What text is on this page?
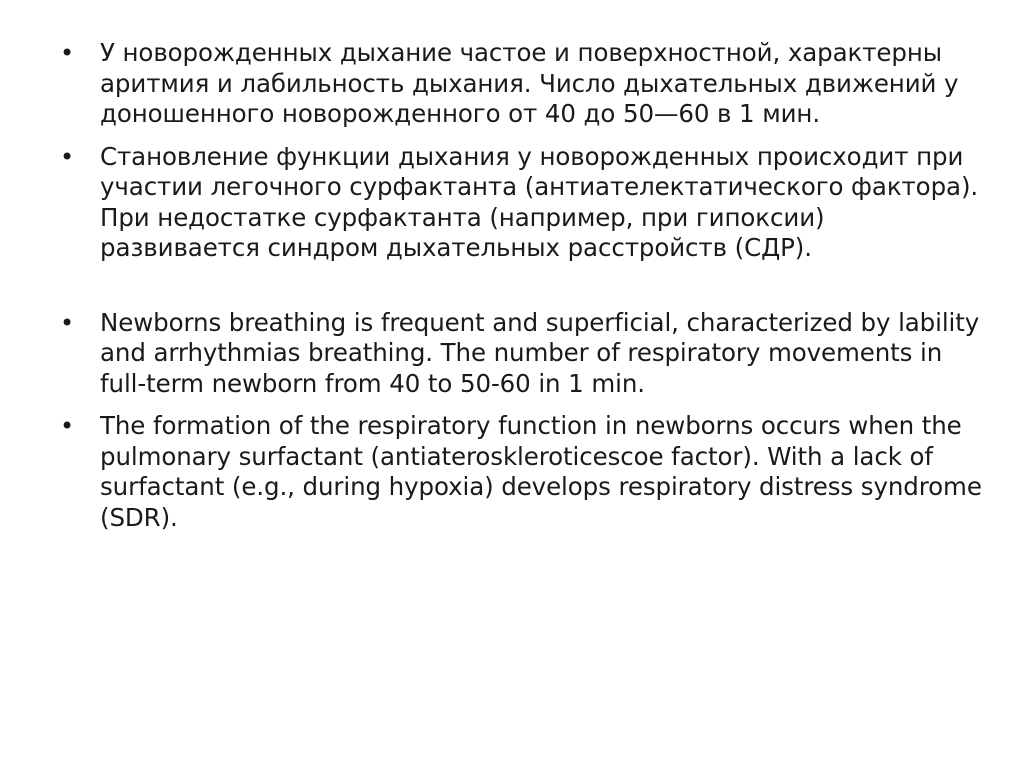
• У новорожденных дыхание частое и поверхностной, характерны аритмия и лабильность дыхания. Число дыхательных движений у доношенного новорожденного от 40 до 50—60 в 1 мин.
• Становление функции дыхания у новорожденных происходит при участии легочного сурфактанта (антиателектатического фактора). При недостатке сурфактанта (например, при гипоксии) развивается синдром дыхательных расстройств (СДР).
• Newborns breathing is frequent and superficial, characterized by lability and arrhythmias breathing. The number of respiratory movements in full-term newborn from 40 to 50-60 in 1 min.
• The formation of the respiratory function in newborns occurs when the pulmonary surfactant (antiateroskleroticesсoe factor). With a lack of surfactant (e.g., during hypoxia) develops respiratory distress syndrome (SDR).
